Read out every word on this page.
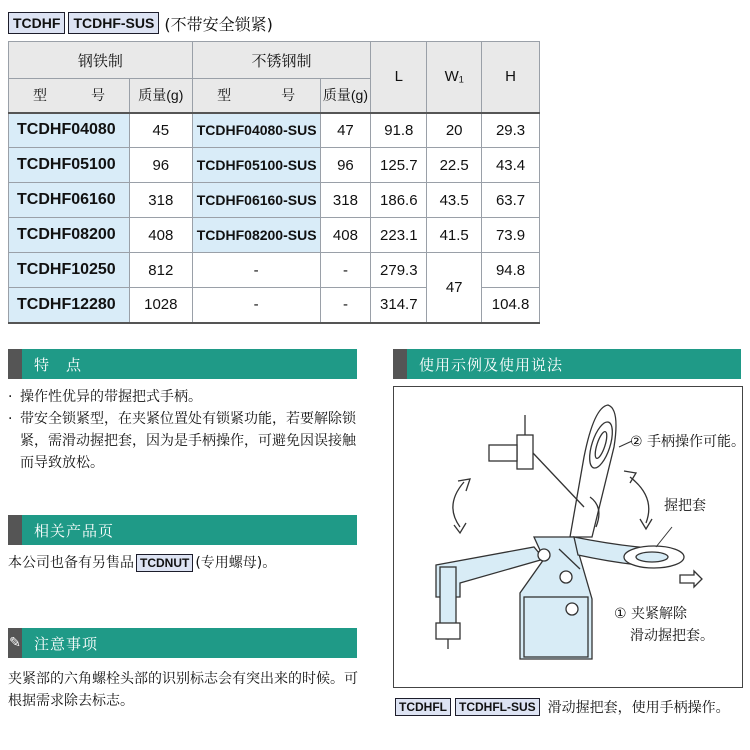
TCDHF TCDHF-SUS (不带安全锁紧)
钢铁制		不锈钢制		L	W₁	H
型 号	质量(g)	型 号	质量(g)			
TCDHF04080	45	TCDHF04080-SUS	47	91.8	20	29.3
TCDHF05100	96	TCDHF05100-SUS	96	125.7	22.5	43.4
TCDHF06160	318	TCDHF06160-SUS	318	186.6	43.5	63.7
TCDHF08200	408	TCDHF08200-SUS	408	223.1	41.5	73.9
TCDHF10250	812	-	-	279.3	47	94.8
TCDHF12280	1028	-	-	314.7		104.8
特　点
· 操作性优异的带握把式手柄。
· 带安全锁紧型，在夹紧位置处有锁紧功能，若要解除锁紧，需滑动握把套，因为是手柄操作，可避免因误接触而导致放松。
相关产品页
本公司也备有另售品 TCDNUT (专用螺母)。
✎ 注意事项
夹紧部的六角螺栓头部的识别标志会有突出来的时候。可根据需求除去标志。
使用示例及使用说法
② 手柄操作可能。
握把套
① 夹紧解除
滑动握把套。
TCDHFL	TCDHFL-SUS 滑动握把套，使用手柄操作。
